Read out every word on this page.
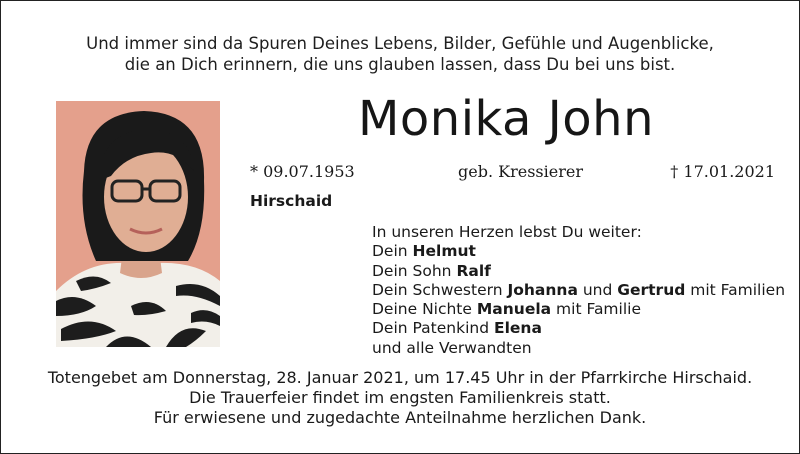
Und immer sind da Spuren Deines Lebens, Bilder, Gefühle und Augenblicke,
die an Dich erinnern, die uns glauben lassen, dass Du bei uns bist.
Monika John
* 09.07.1953	geb. Kressierer	† 17.01.2021
Hirschaid
In unseren Herzen lebst Du weiter:
Dein Helmut
Dein Sohn Ralf
Dein Schwestern Johanna und Gertrud mit Familien
Deine Nichte Manuela mit Familie
Dein Patenkind Elena
und alle Verwandten
Totengebet am Donnerstag, 28. Januar 2021, um 17.45 Uhr in der Pfarrkirche Hirschaid.
Die Trauerfeier findet im engsten Familienkreis statt.
Für erwiesene und zugedachte Anteilnahme herzlichen Dank.
